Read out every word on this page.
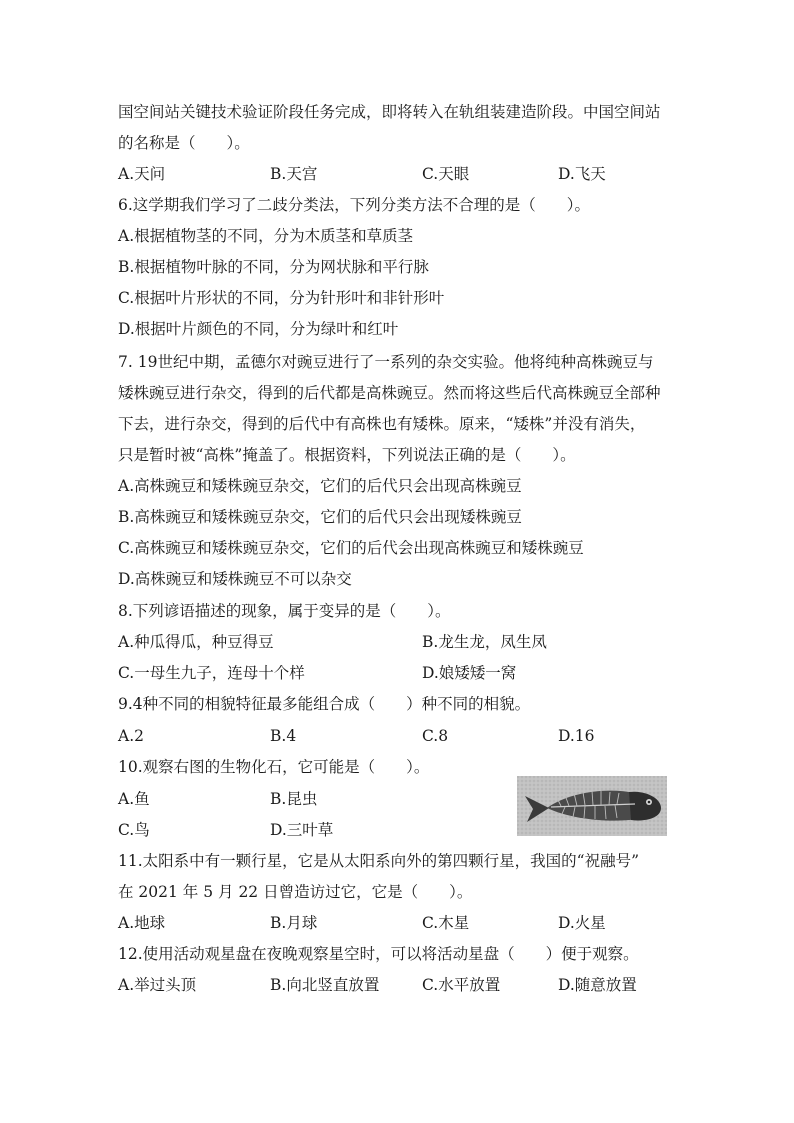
国空间站关键技术验证阶段任务完成，即将转入在轨组装建造阶段。中国空间站
的名称是（　　）。
A.天问	B.天宫	C.天眼	D.飞天
6.这学期我们学习了二歧分类法，下列分类方法不合理的是（　　）。
A.根据植物茎的不同，分为木质茎和草质茎
B.根据植物叶脉的不同，分为网状脉和平行脉
C.根据叶片形状的不同，分为针形叶和非针形叶
D.根据叶片颜色的不同，分为绿叶和红叶
7. 19世纪中期，孟德尔对豌豆进行了一系列的杂交实验。他将纯种高株豌豆与
矮株豌豆进行杂交，得到的后代都是高株豌豆。然而将这些后代高株豌豆全部种
下去，进行杂交，得到的后代中有高株也有矮株。原来，“矮株”并没有消失，
只是暂时被“高株”掩盖了。根据资料，下列说法正确的是（　　）。
A.高株豌豆和矮株豌豆杂交，它们的后代只会出现高株豌豆
B.高株豌豆和矮株豌豆杂交，它们的后代只会出现矮株豌豆
C.高株豌豆和矮株豌豆杂交，它们的后代会出现高株豌豆和矮株豌豆
D.高株豌豆和矮株豌豆不可以杂交
8.下列谚语描述的现象，属于变异的是（　　）。
A.种瓜得瓜，种豆得豆	B.龙生龙，凤生凤
C.一母生九子，连母十个样	D.娘矮矮一窝
9.4种不同的相貌特征最多能组合成（　　）种不同的相貌。
A.2	B.4	C.8	D.16
10.观察右图的生物化石，它可能是（　　）。
A.鱼	B.昆虫
C.鸟	D.三叶草
11.太阳系中有一颗行星，它是从太阳系向外的第四颗行星，我国的“祝融号”
在 2021 年 5 月 22 日曾造访过它，它是（　　）。
A.地球	B.月球	C.木星	D.火星
12.使用活动观星盘在夜晚观察星空时，可以将活动星盘（　　）便于观察。
A.举过头顶	B.向北竖直放置	C.水平放置	D.随意放置
